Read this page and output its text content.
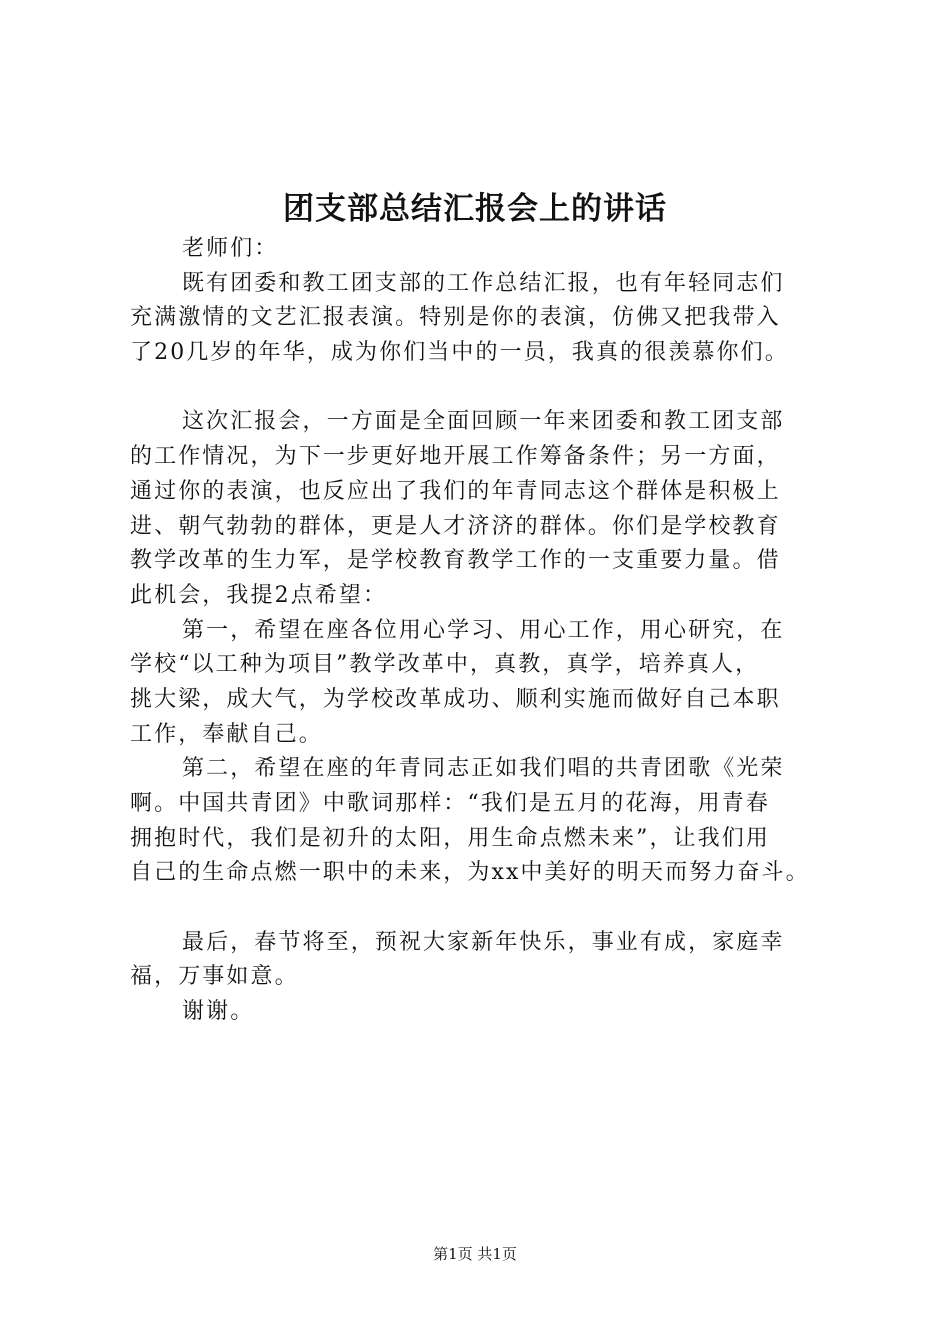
团支部总结汇报会上的讲话
老师们：
既有团委和教工团支部的工作总结汇报，也有年轻同志们
充满激情的文艺汇报表演。特别是你的表演，仿佛又把我带入
了20几岁的年华，成为你们当中的一员，我真的很羡慕你们。
这次汇报会，一方面是全面回顾一年来团委和教工团支部
的工作情况，为下一步更好地开展工作筹备条件；另一方面，
通过你的表演，也反应出了我们的年青同志这个群体是积极上
进、朝气勃勃的群体，更是人才济济的群体。你们是学校教育
教学改革的生力军，是学校教育教学工作的一支重要力量。借
此机会，我提2点希望：
第一，希望在座各位用心学习、用心工作，用心研究，在
学校“以工种为项目”教学改革中，真教，真学，培养真人，
挑大梁，成大气，为学校改革成功、顺利实施而做好自己本职
工作，奉献自己。
第二，希望在座的年青同志正如我们唱的共青团歌《光荣
啊。中国共青团》中歌词那样：“我们是五月的花海，用青春
拥抱时代，我们是初升的太阳，用生命点燃未来”，让我们用
自己的生命点燃一职中的未来，为xx中美好的明天而努力奋斗。
最后，春节将至，预祝大家新年快乐，事业有成，家庭幸
福，万事如意。
谢谢。
第1页 共1页
